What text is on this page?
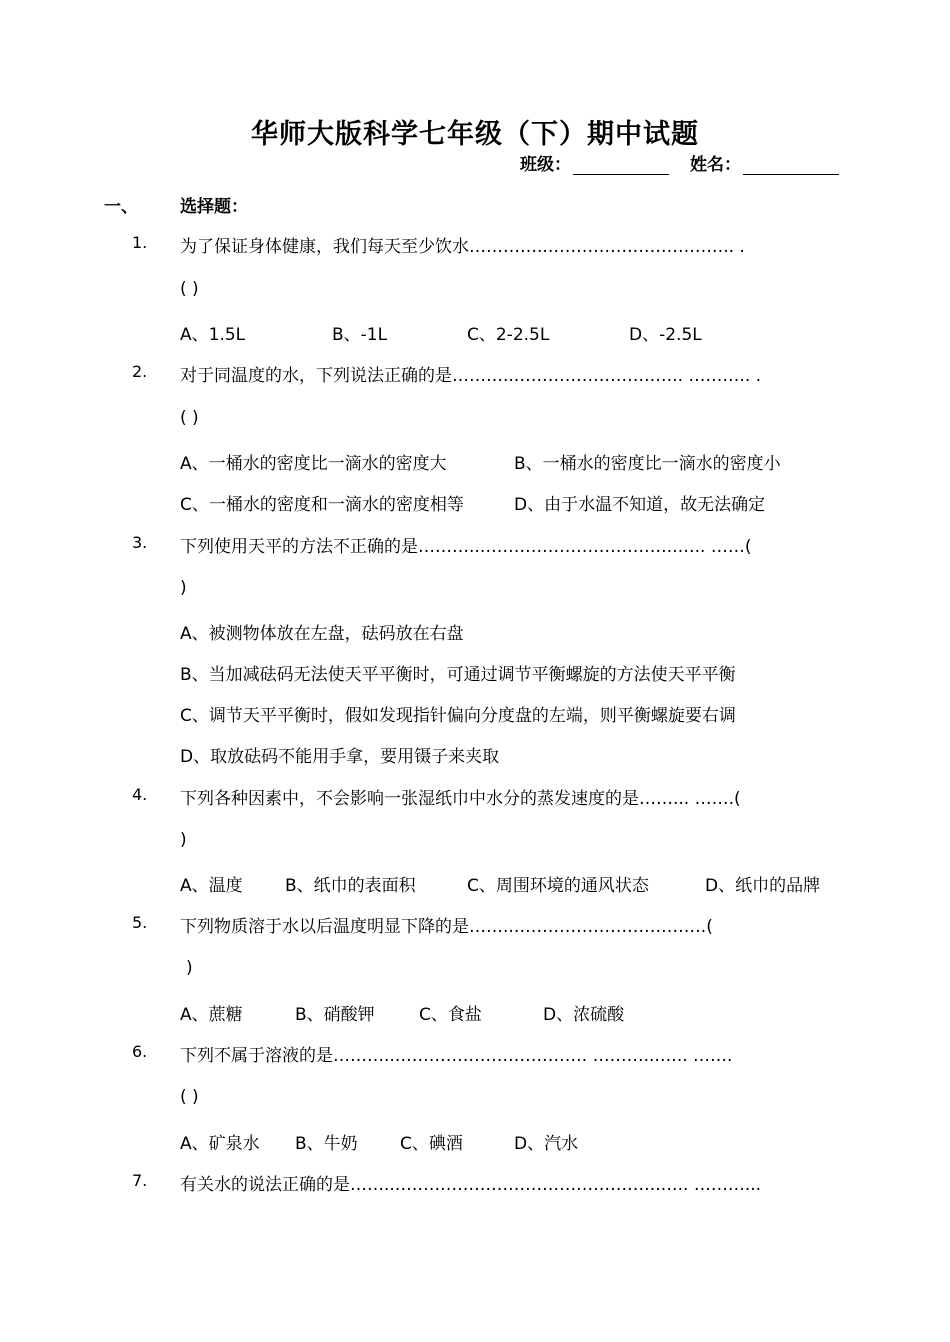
华师大版科学七年级（下）期中试题
班级：	姓名：
一、 选择题：
1. 为了保证身体健康，我们每天至少饮水…………..…………….…………….. .
( )
A、1.5L	B、-1L	C、2-2.5L	D、-2.5L
2. 对于同温度的水，下列说法正确的是………..…………………….….. ……….. .
( )
A、一桶水的密度比一滴水的密度大	B、一桶水的密度比一滴水的密度小
C、一桶水的密度和一滴水的密度相等	D、由于水温不知道，故无法确定
3. 下列使用天平的方法不正确的是………..……………………………..….. ……(
)
A、被测物体放在左盘，砝码放在右盘
B、当加减砝码无法使天平平衡时，可通过调节平衡螺旋的方法使天平平衡
C、调节天平平衡时，假如发现指针偏向分度盘的左端，则平衡螺旋要右调
D、取放砝码不能用手拿，要用镊子来夹取
4. 下列各种因素中，不会影响一张湿纸巾中水分的蒸发速度的是……... …….(
)
A、温度 B、纸巾的表面积	C、周围环境的通风状态	D、纸巾的品牌
5. 下列物质溶于水以后温度明显下降的是……..…………………………….(
)
A、蔗糖	B、硝酸钾	C、食盐	D、浓硫酸
6. 下列不属于溶液的是………..……………………………. ………...….. …….
( )
A、矿泉水 B、牛奶 C、碘酒	D、汽水
7. 有关水的说法正确的是……..………………………………………..….. ………...
